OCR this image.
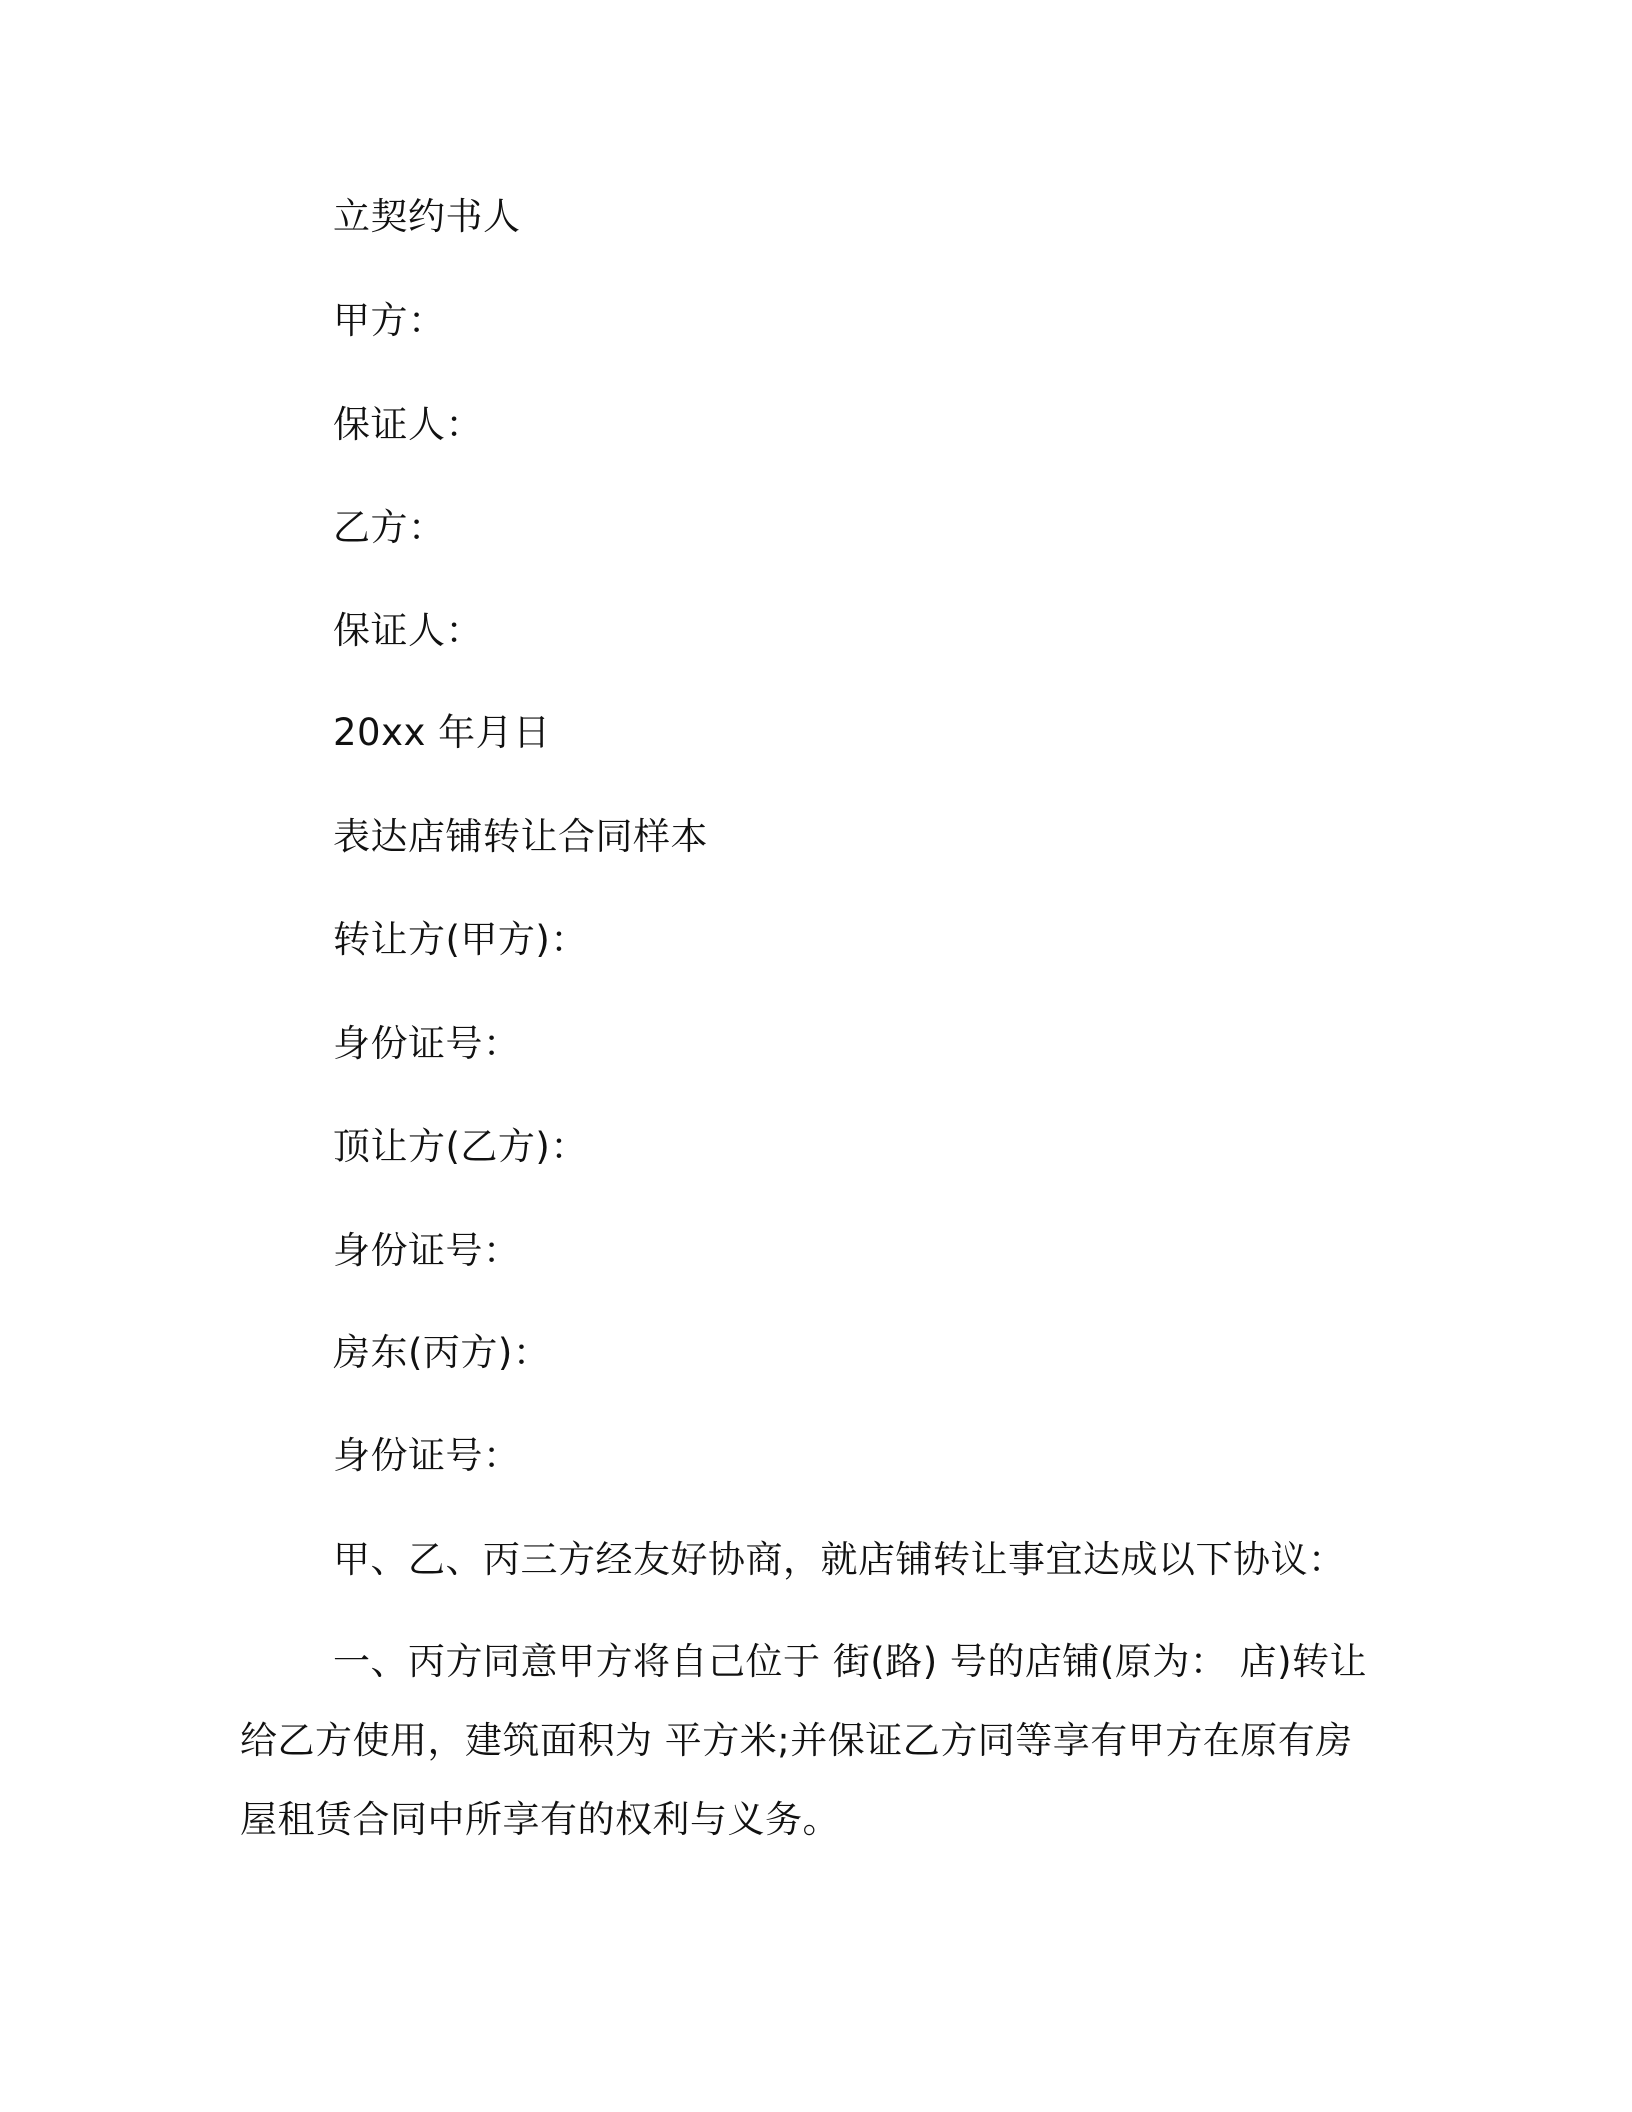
立契约书人
甲方：
保证人：
乙方：
保证人：
20xx 年月日
表达店铺转让合同样本
转让方(甲方)：
身份证号：
顶让方(乙方)：
身份证号：
房东(丙方)：
身份证号：
甲、乙、丙三方经友好协商，就店铺转让事宜达成以下协议：

一、丙方同意甲方将自己位于 街(路) 号的店铺(原为： 店)转让给乙方使用，建筑面积为 平方米;并保证乙方同等享有甲方在原有房屋租赁合同中所享有的权利与义务。
